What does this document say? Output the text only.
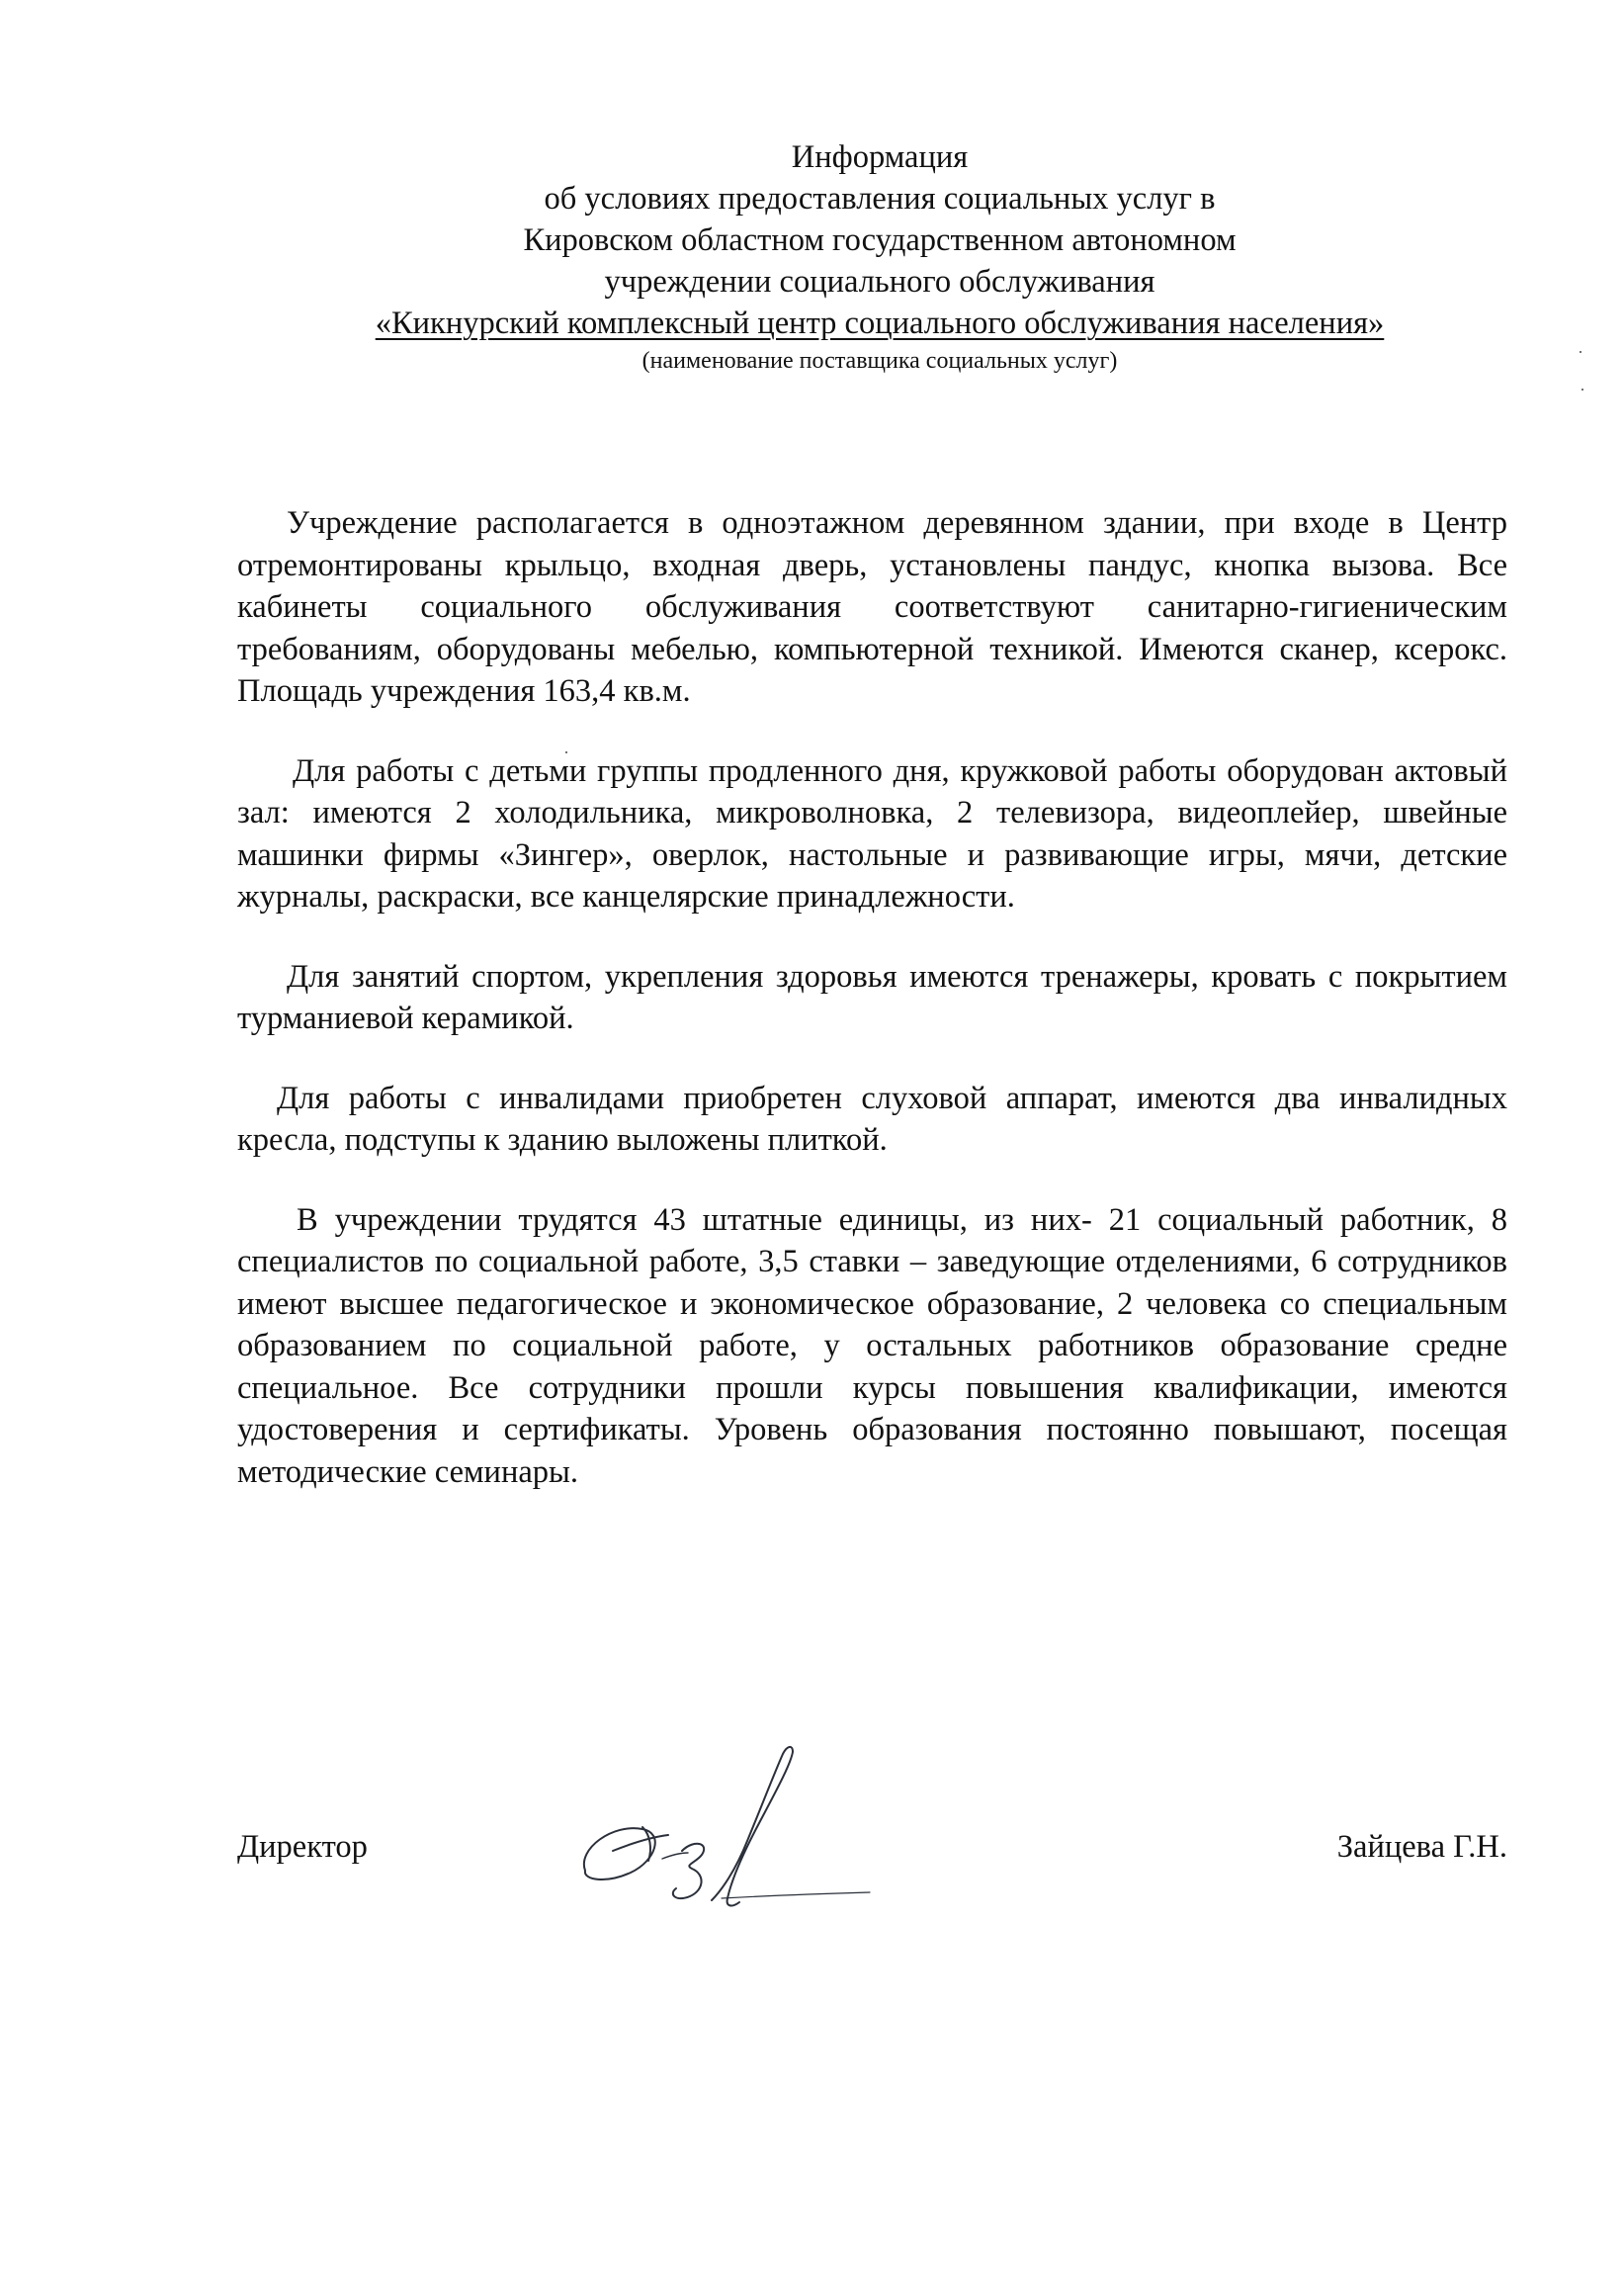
Информация
об условиях предоставления социальных услуг в
Кировском областном государственном автономном
учреждении социального обслуживания
«Кикнурский комплексный центр социального обслуживания населения»
(наименование поставщика социальных услуг)

Учреждение располагается в одноэтажном деревянном здании, при входе в Центр отремонтированы крыльцо, входная дверь, установлены пандус, кнопка вызова. Все кабинеты социального обслуживания соответствуют санитарно-гигиеническим требованиям, оборудованы мебелью, компьютерной техникой. Имеются сканер, ксерокс. Площадь учреждения 163,4 кв.м.

Для работы с детьми группы продленного дня, кружковой работы оборудован актовый зал: имеются 2 холодильника, микроволновка, 2 телевизора, видеоплейер, швейные машинки фирмы «Зингер», оверлок, настольные и развивающие игры, мячи, детские журналы, раскраски, все канцелярские принадлежности.

Для занятий спортом, укрепления здоровья имеются тренажеры, кровать с покрытием турманиевой керамикой.

Для работы с инвалидами приобретен слуховой аппарат, имеются два инвалидных кресла, подступы к зданию выложены плиткой.

В учреждении трудятся 43 штатные единицы, из них- 21 социальный работник, 8 специалистов по социальной работе, 3,5 ставки – заведующие отделениями, 6 сотрудников имеют высшее педагогическое и экономическое образование, 2 человека со специальным образованием по социальной работе, у остальных работников образование средне специальное. Все сотрудники прошли курсы повышения квалификации, имеются удостоверения и сертификаты. Уровень образования постоянно повышают, посещая методические семинары.

Директор	Зайцева Г.Н.
